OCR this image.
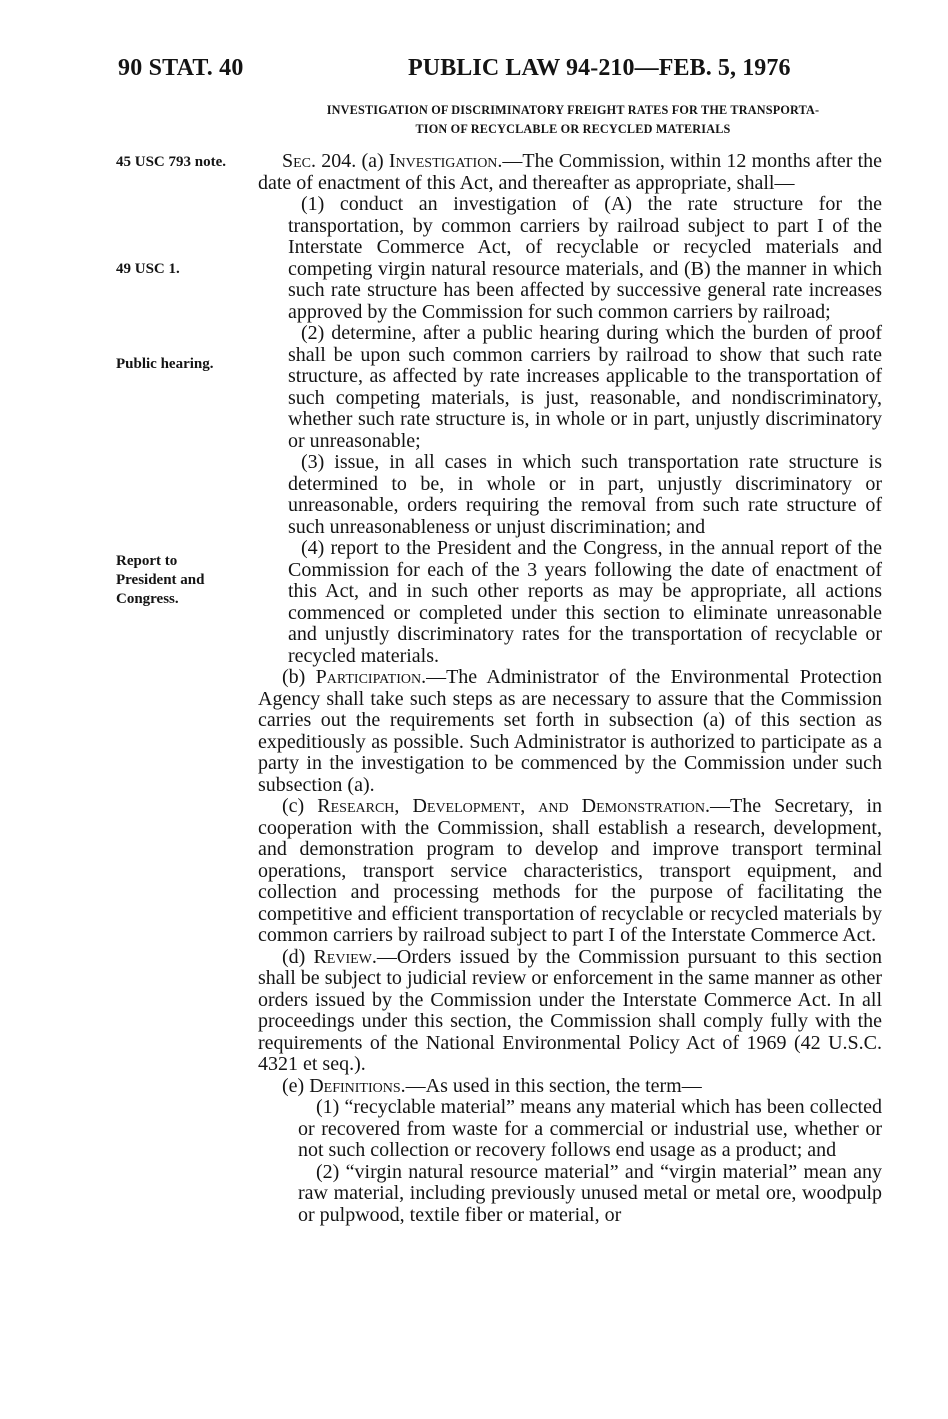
90 STAT. 40	PUBLIC LAW 94-210—FEB. 5, 1976
INVESTIGATION OF DISCRIMINATORY FREIGHT RATES FOR THE TRANSPORTA-
TION OF RECYCLABLE OR RECYCLED MATERIALS
45 USC 793 note.
49 USC 1.
Public hearing.
Report to
President and
Congress.

Sec. 204. (a) Investigation.—The Commission, within 12 months after the date of enactment of this Act, and thereafter as appropriate, shall—

(1) conduct an investigation of (A) the rate structure for the transportation, by common carriers by railroad subject to part I of the Interstate Commerce Act, of recyclable or recycled materials and competing virgin natural resource materials, and (B) the manner in which such rate structure has been affected by successive general rate increases approved by the Commission for such common carriers by railroad;

(2) determine, after a public hearing during which the burden of proof shall be upon such common carriers by railroad to show that such rate structure, as affected by rate increases applicable to the transportation of such competing materials, is just, reasonable, and nondiscriminatory, whether such rate structure is, in whole or in part, unjustly discriminatory or unreasonable;

(3) issue, in all cases in which such transportation rate structure is determined to be, in whole or in part, unjustly discriminatory or unreasonable, orders requiring the removal from such rate structure of such unreasonableness or unjust discrimination; and

(4) report to the President and the Congress, in the annual report of the Commission for each of the 3 years following the date of enactment of this Act, and in such other reports as may be appropriate, all actions commenced or completed under this section to eliminate unreasonable and unjustly discriminatory rates for the transportation of recyclable or recycled materials.

(b) Participation.—The Administrator of the Environmental Protection Agency shall take such steps as are necessary to assure that the Commission carries out the requirements set forth in subsection (a) of this section as expeditiously as possible. Such Administrator is authorized to participate as a party in the investigation to be commenced by the Commission under such subsection (a).

(c) Research, Development, and Demonstration.—The Secretary, in cooperation with the Commission, shall establish a research, development, and demonstration program to develop and improve transport terminal operations, transport service characteristics, transport equipment, and collection and processing methods for the purpose of facilitating the competitive and efficient transportation of recyclable or recycled materials by common carriers by railroad subject to part I of the Interstate Commerce Act.

(d) Review.—Orders issued by the Commission pursuant to this section shall be subject to judicial review or enforcement in the same manner as other orders issued by the Commission under the Interstate Commerce Act. In all proceedings under this section, the Commission shall comply fully with the requirements of the National Environmental Policy Act of 1969 (42 U.S.C. 4321 et seq.).

(e) Definitions.—As used in this section, the term—

(1) “recyclable material” means any material which has been collected or recovered from waste for a commercial or industrial use, whether or not such collection or recovery follows end usage as a product; and

(2) “virgin natural resource material” and “virgin material” mean any raw material, including previously unused metal or metal ore, woodpulp or pulpwood, textile fiber or material, or
